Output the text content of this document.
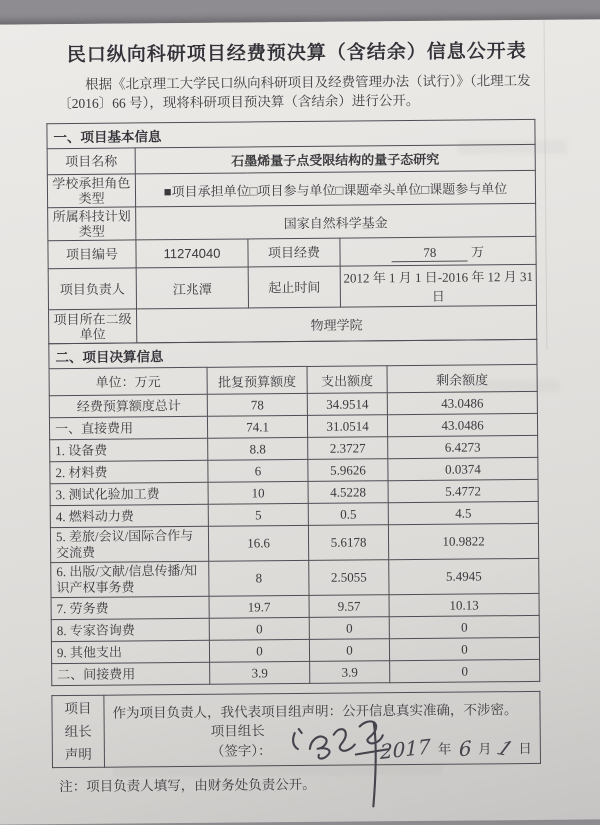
民口纵向科研项目经费预决算（含结余）信息公开表
根据《北京理工大学民口纵向科研项目及经费管理办法（试行）》（北理工发〔2016〕66 号），现将科研项目预决算（含结余）进行公开。
一、项目基本信息			
项目名称	石墨烯量子点受限结构的量子态研究		
学校承担角色
类型	■项目承担单位□项目参与单位□课题牵头单位□课题参与单位		
所属科技计划
类型	国家自然科学基金		
项目编号	11274040	项目经费	78 万
项目负责人	江兆潭	起止时间	2012 年 1 月 1 日-2016 年 12 月 31 日
项目所在二级
单位	物理学院		
二、项目决算信息			
单位：万元	批复预算额度	支出额度	剩余额度
经费预算额度总计	78	34.9514	43.0486
一、直接费用	74.1	31.0514	43.0486
1. 设备费	8.8	2.3727	6.4273
2. 材料费	6	5.9626	0.0374
3. 测试化验加工费	10	4.5228	5.4772
4. 燃料动力费	5	0.5	4.5
5. 差旅/会议/国际合作与交流费	16.6	5.6178	10.9822
6. 出版/文献/信息传播/知识产权事务费	8	2.5055	5.4945
7. 劳务费	19.7	9.57	10.13
8. 专家咨询费	0	0	0
9. 其他支出	0	0	0
二、间接费用	3.9	3.9	0
项目
组长
声明	
作为项目负责人，我代表项目组声明：公开信息真实准确，不涉密。
项目组长（签字）：	2017 年 6 月 1 日
注：项目负责人填写，由财务处负责公开。
